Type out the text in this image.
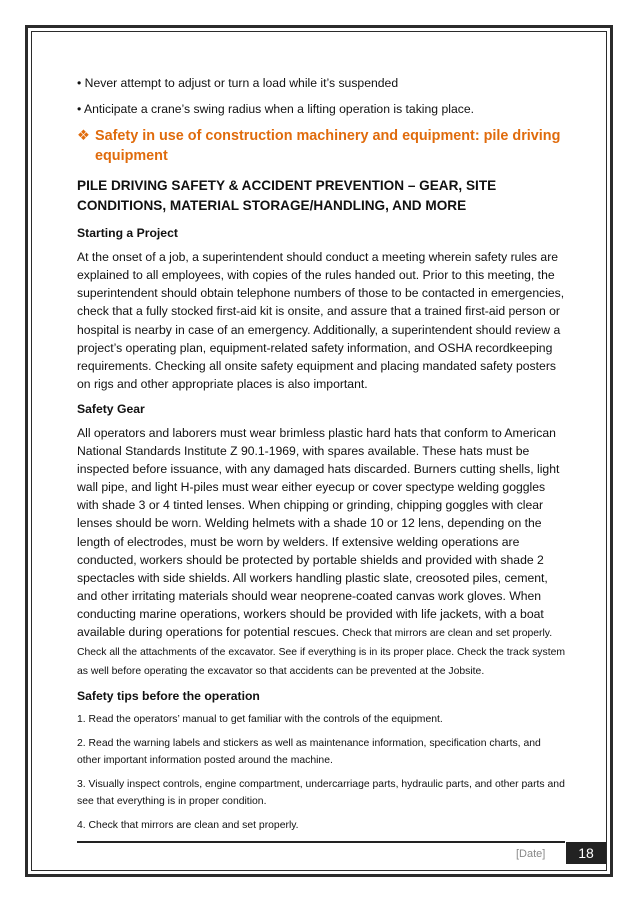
• Never attempt to adjust or turn a load while it’s suspended
• Anticipate a crane’s swing radius when a lifting operation is taking place.
❖ Safety in use of construction machinery and equipment: pile driving equipment
PILE DRIVING SAFETY & ACCIDENT PREVENTION – GEAR, SITE CONDITIONS, MATERIAL STORAGE/HANDLING, AND MORE
Starting a Project
At the onset of a job, a superintendent should conduct a meeting wherein safety rules are explained to all employees, with copies of the rules handed out. Prior to this meeting, the superintendent should obtain telephone numbers of those to be contacted in emergencies, check that a fully stocked first-aid kit is onsite, and assure that a trained first-aid person or hospital is nearby in case of an emergency. Additionally, a superintendent should review a project’s operating plan, equipment-related safety information, and OSHA recordkeeping requirements. Checking all onsite safety equipment and placing mandated safety posters on rigs and other appropriate places is also important.
Safety Gear
All operators and laborers must wear brimless plastic hard hats that conform to American National Standards Institute Z 90.1-1969, with spares available. These hats must be inspected before issuance, with any damaged hats discarded. Burners cutting shells, light wall pipe, and light H-piles must wear either eyecup or cover spectype welding goggles with shade 3 or 4 tinted lenses. When chipping or grinding, chipping goggles with clear lenses should be worn. Welding helmets with a shade 10 or 12 lens, depending on the length of electrodes, must be worn by welders. If extensive welding operations are conducted, workers should be protected by portable shields and provided with shade 2 spectacles with side shields. All workers handling plastic slate, creosoted piles, cement, and other irritating materials should wear neoprene-coated canvas work gloves. When conducting marine operations, workers should be provided with life jackets, with a boat available during operations for potential rescues. Check that mirrors are clean and set properly. Check all the attachments of the excavator. See if everything is in its proper place. Check the track system as well before operating the excavator so that accidents can be prevented at the Jobsite.
Safety tips before the operation
1. Read the operators’ manual to get familiar with the controls of the equipment.
2. Read the warning labels and stickers as well as maintenance information, specification charts, and other important information posted around the machine.
3. Visually inspect controls, engine compartment, undercarriage parts, hydraulic parts, and other parts and see that everything is in proper condition.
4. Check that mirrors are clean and set properly.
[Date]	18
